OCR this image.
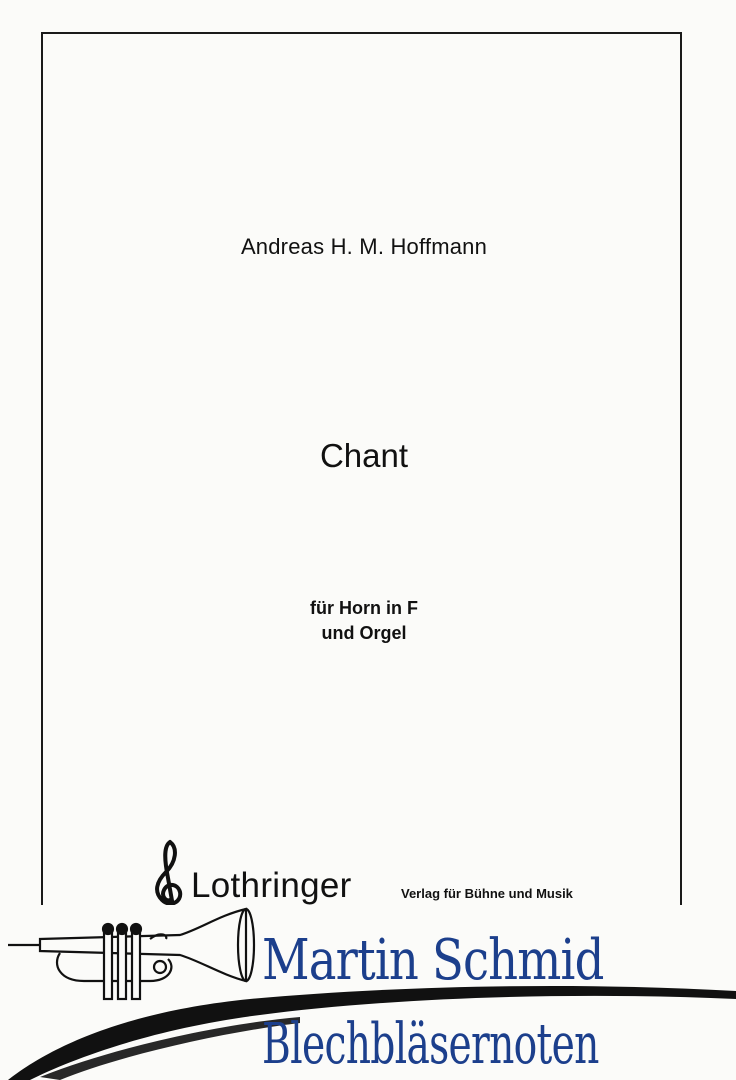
Andreas H. M. Hoffmann
Chant
für Horn in F
und Orgel
Lothringer	Verlag für Bühne und Musik
Martin Schmid
Blechbläsernoten
